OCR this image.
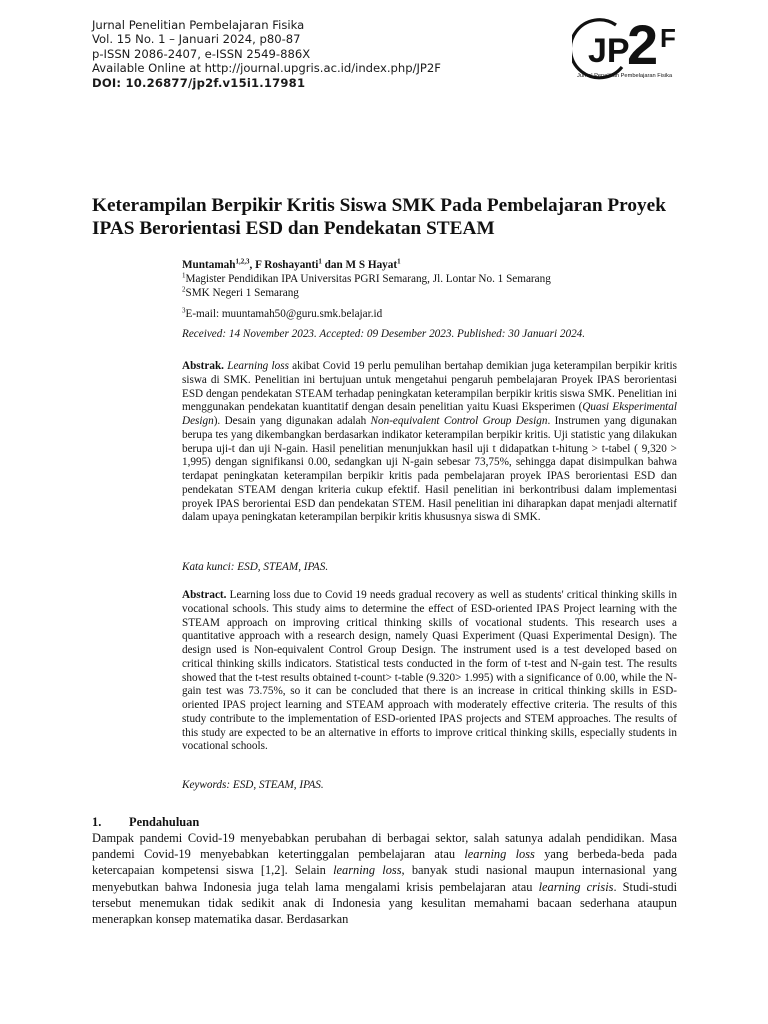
Jurnal Penelitian Pembelajaran Fisika
Vol. 15 No. 1 – Januari 2024, p80-87
p-ISSN 2086-2407, e-ISSN 2549-886X
Available Online at http://journal.upgris.ac.id/index.php/JP2F
DOI: 10.26877/jp2f.v15i1.17981
JP
2 F
Jurnal Penelitian Pembelajaran Fisika
Keterampilan Berpikir Kritis Siswa SMK Pada Pembelajaran Proyek IPAS Berorientasi ESD dan Pendekatan STEAM
Muntamah$^{1,2,3}$, F Roshayanti$^1$ dan M S Hayat$^1$
$^1$Magister Pendidikan IPA Universitas PGRI Semarang, Jl. Lontar No. 1 Semarang
$^2$SMK Negeri 1 Semarang
$^3$E-mail: muuntamah50@guru.smk.belajar.id
Received: 14 November 2023. Accepted: 09 Desember 2023. Published: 30 Januari 2024.
Abstrak. Learning loss akibat Covid 19 perlu pemulihan bertahap demikian juga keterampilan berpikir kritis siswa di SMK. Penelitian ini bertujuan untuk mengetahui pengaruh pembelajaran Proyek IPAS berorientasi ESD dengan pendekatan STEAM terhadap peningkatan keterampilan berpikir kritis siswa SMK. Penelitian ini menggunakan pendekatan kuantitatif dengan desain penelitian yaitu Kuasi Eksperimen (Quasi Eksperimental Design). Desain yang digunakan adalah Non-equivalent Control Group Design. Instrumen yang digunakan berupa tes yang dikembangkan berdasarkan indikator keterampilan berpikir kritis. Uji statistic yang dilakukan berupa uji-t dan uji N-gain. Hasil penelitian menunjukkan hasil uji t didapatkan t-hitung > t-tabel ( 9,320 > 1,995) dengan signifikansi 0.00, sedangkan uji N-gain sebesar 73,75%, sehingga dapat disimpulkan bahwa terdapat peningkatan keterampilan berpikir kritis pada pembelajaran proyek IPAS berorientasi ESD dan pendekatan STEAM dengan kriteria cukup efektif. Hasil penelitian ini berkontribusi dalam implementasi proyek IPAS berorientai ESD dan pendekatan STEM. Hasil penelitian ini diharapkan dapat menjadi alternatif dalam upaya peningkatan keterampilan berpikir kritis khususnya siswa di SMK.
Kata kunci: ESD, STEAM, IPAS.
Abstract. Learning loss due to Covid 19 needs gradual recovery as well as students' critical thinking skills in vocational schools. This study aims to determine the effect of ESD-oriented IPAS Project learning with the STEAM approach on improving critical thinking skills of vocational students. This research uses a quantitative approach with a research design, namely Quasi Experiment (Quasi Experimental Design). The design used is Non-equivalent Control Group Design. The instrument used is a test developed based on critical thinking skills indicators. Statistical tests conducted in the form of t-test and N-gain test. The results showed that the t-test results obtained t-count> t-table (9.320> 1.995) with a significance of 0.00, while the N-gain test was 73.75%, so it can be concluded that there is an increase in critical thinking skills in ESD-oriented IPAS project learning and STEAM approach with moderately effective criteria. The results of this study contribute to the implementation of ESD-oriented IPAS projects and STEM approaches. The results of this study are expected to be an alternative in efforts to improve critical thinking skills, especially students in vocational schools.
Keywords: ESD, STEAM, IPAS.
1. Pendahuluan

Dampak pandemi Covid-19 menyebabkan perubahan di berbagai sektor, salah satunya adalah pendidikan. Masa pandemi Covid-19 menyebabkan ketertinggalan pembelajaran atau learning loss yang berbeda-beda pada ketercapaian kompetensi siswa [1,2]. Selain learning loss, banyak studi nasional maupun internasional yang menyebutkan bahwa Indonesia juga telah lama mengalami krisis pembelajaran atau learning crisis. Studi-studi tersebut menemukan tidak sedikit anak di Indonesia yang kesulitan memahami bacaan sederhana ataupun menerapkan konsep matematika dasar. Berdasarkan
